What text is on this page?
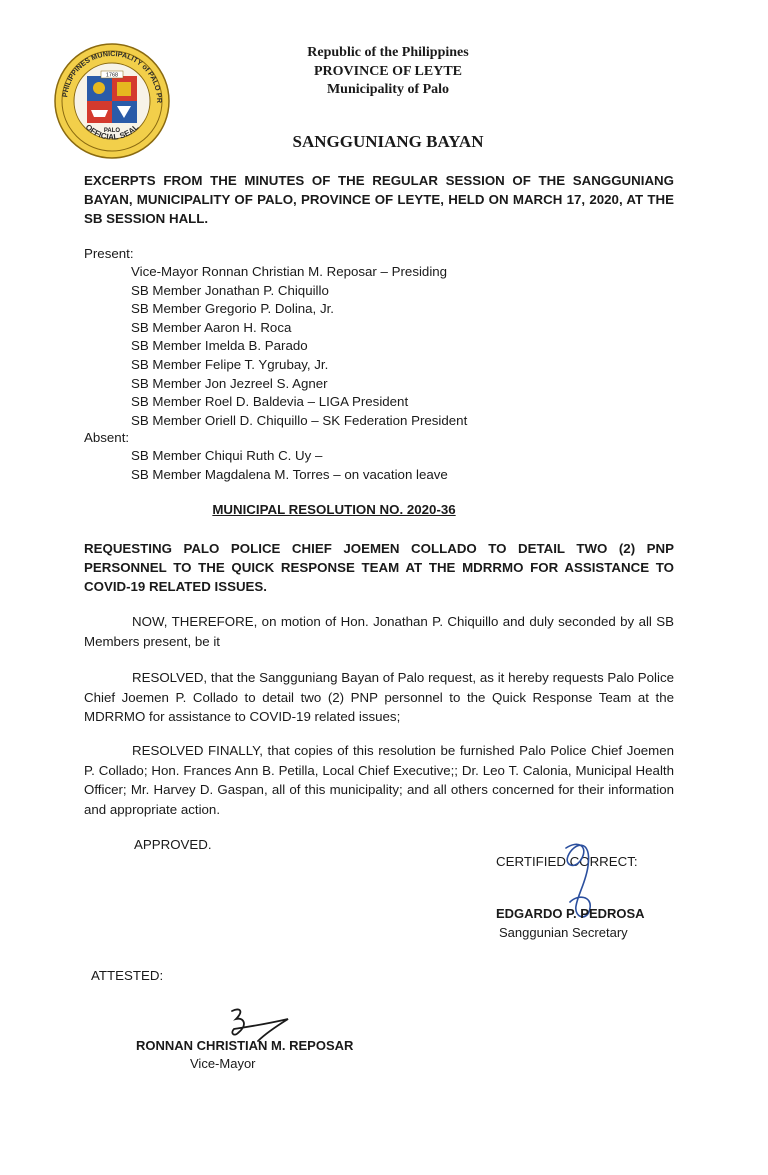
PHILIPPINES MUNICIPALITY of PALO PR
OFFICIAL SEAL
1768
PALO
Republic of the Philippines
PROVINCE OF LEYTE
Municipality of Palo
SANGGUNIANG BAYAN
EXCERPTS FROM THE MINUTES OF THE REGULAR SESSION OF THE SANGGUNIANG BAYAN, MUNICIPALITY OF PALO, PROVINCE OF LEYTE, HELD ON MARCH 17, 2020, AT THE SB SESSION HALL.
Present:
Vice-Mayor Ronnan Christian M. Reposar – Presiding
SB Member Jonathan P. Chiquillo
SB Member Gregorio P. Dolina, Jr.
SB Member Aaron H. Roca
SB Member Imelda B. Parado
SB Member Felipe T. Ygrubay, Jr.
SB Member Jon Jezreel S. Agner
SB Member Roel D. Baldevia – LIGA President
SB Member Oriell D. Chiquillo – SK Federation President
Absent:
SB Member Chiqui Ruth C. Uy –
SB Member Magdalena M. Torres – on vacation leave
MUNICIPAL RESOLUTION NO. 2020-36
REQUESTING PALO POLICE CHIEF JOEMEN COLLADO TO DETAIL TWO (2) PNP PERSONNEL TO THE QUICK RESPONSE TEAM AT THE MDRRMO FOR ASSISTANCE TO COVID-19 RELATED ISSUES.
NOW, THEREFORE, on motion of Hon. Jonathan P. Chiquillo and duly seconded by all SB Members present, be it
RESOLVED, that the Sangguniang Bayan of Palo request, as it hereby requests Palo Police Chief Joemen P. Collado to detail two (2) PNP personnel to the Quick Response Team at the MDRRMO for assistance to COVID-19 related issues;
RESOLVED FINALLY, that copies of this resolution be furnished Palo Police Chief Joemen P. Collado; Hon. Frances Ann B. Petilla, Local Chief Executive;; Dr. Leo T. Calonia, Municipal Health Officer; Mr. Harvey D. Gaspan, all of this municipality; and all others concerned for their information and appropriate action.
APPROVED.
CERTIFIED CORRECT:
EDGARDO P. PEDROSA
Sanggunian Secretary
ATTESTED:
RONNAN CHRISTIAN M. REPOSAR
Vice-Mayor
